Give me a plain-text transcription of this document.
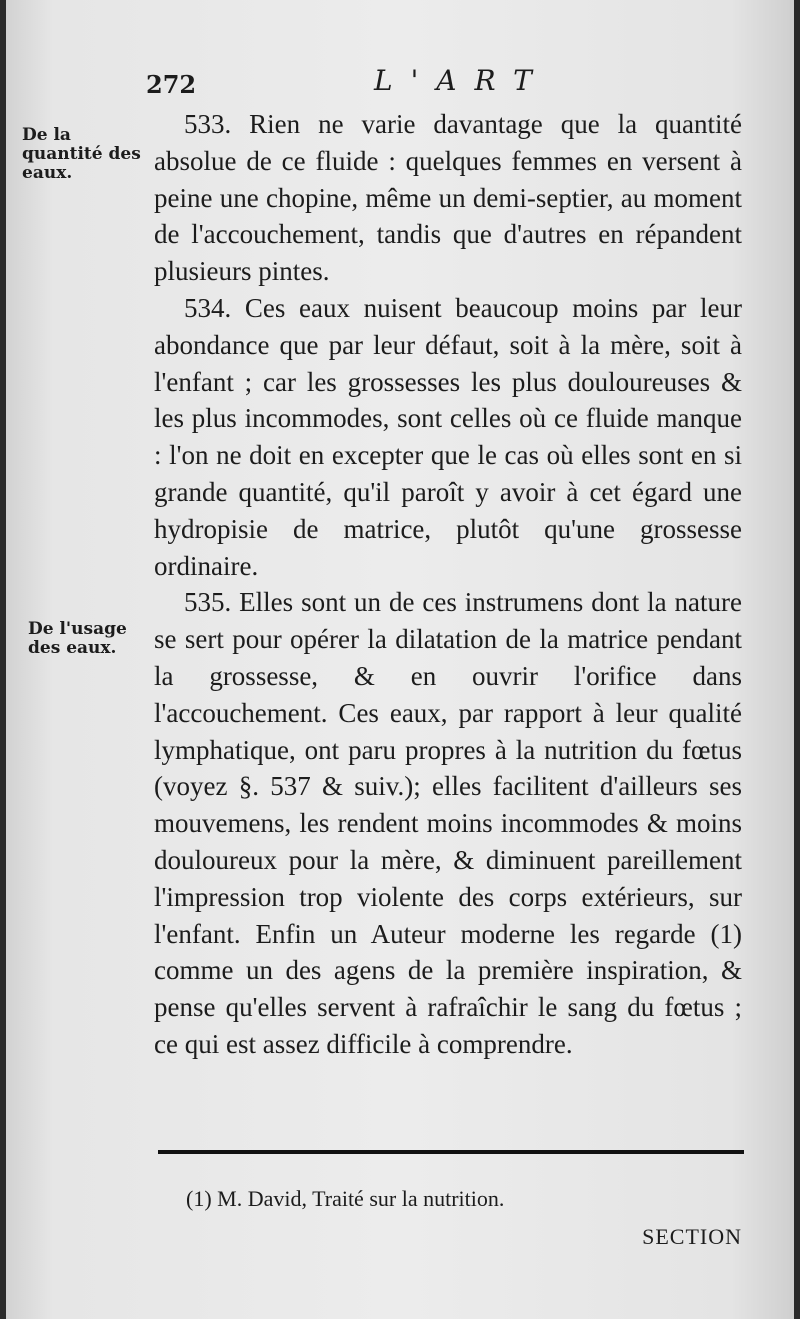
272	L'ART
De la quantité des eaux.
De l'usage des eaux.

533. Rien ne varie davantage que la quantité absolue de ce fluide : quelques femmes en versent à peine une chopine, même un demi-septier, au moment de l'accouchement, tandis que d'autres en répandent plusieurs pintes.

534. Ces eaux nuisent beaucoup moins par leur abondance que par leur défaut, soit à la mère, soit à l'enfant ; car les grossesses les plus douloureuses & les plus incommodes, sont celles où ce fluide manque : l'on ne doit en excepter que le cas où elles sont en si grande quantité, qu'il paroît y avoir à cet égard une hydropisie de matrice, plutôt qu'une grossesse ordinaire.

535. Elles sont un de ces instrumens dont la nature se sert pour opérer la dilatation de la matrice pendant la grossesse, & en ouvrir l'orifice dans l'accouchement. Ces eaux, par rapport à leur qualité lymphatique, ont paru propres à la nutrition du fœtus (voyez §. 537 & suiv.); elles facilitent d'ailleurs ses mouvemens, les rendent moins incommodes & moins douloureux pour la mère, & diminuent pareillement l'impression trop violente des corps extérieurs, sur l'enfant. Enfin un Auteur moderne les regarde (1) comme un des agens de la première inspiration, & pense qu'elles servent à rafraîchir le sang du fœtus ; ce qui est assez difficile à comprendre.

(1) M. David, Traité sur la nutrition.
SECTION
